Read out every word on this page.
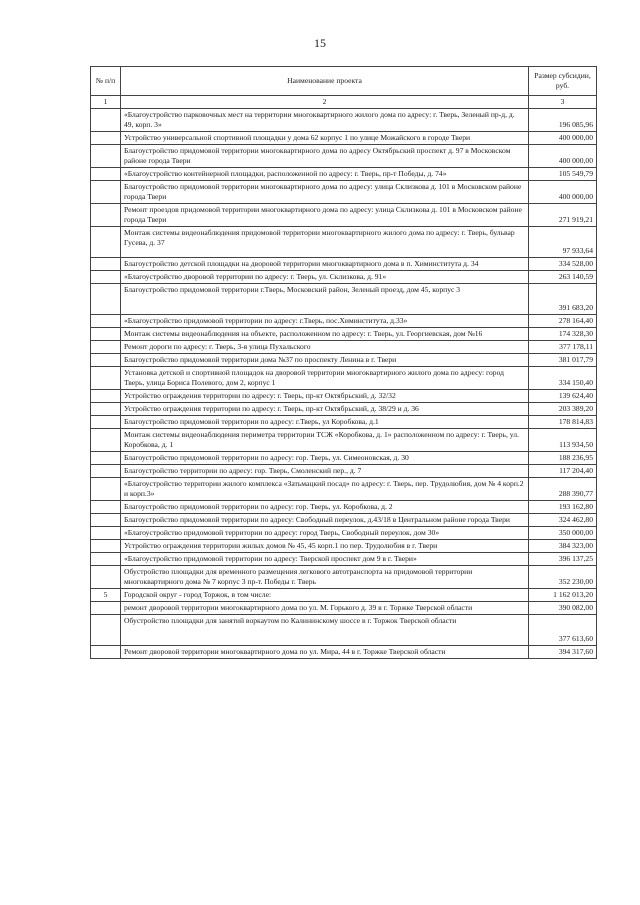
15
№ п/п	Наименование проекта	Размер субсидии, руб.
1	2	3
	«Благоустройство парковочных мест на территории многоквартирного жилого дома по адресу: г. Тверь, Зеленый пр-д, д. 49, корп. 3»	196 085,96
	Устройство универсальной спортивной площадки у дома 62 корпус 1 по улице Можайского в городе Твери	400 000,00
	Благоустройство придомовой территории многоквартирного дома по адресу Октябрьский проспект д. 97 в Московском районе города Твери	400 000,00
	«Благоустройство контейнерной площадки, расположенной по адресу: г. Тверь, пр-т Победы, д. 74»	105 549,79
	Благоустройство придомовой территории многоквартирного дома по адресу: улица Склизкова д. 101 в Московском районе города Твери	400 000,00
	Ремонт проездов придомовой территории многоквартирного дома по адресу: улица Склизкова д. 101 в Московском районе города Твери	271 919,21
	Монтаж системы видеонаблюдения придомовой территории многоквартирного жилого дома по адресу: г. Тверь, бульвар Гусева, д. 37	97 933,64
	Благоустройство детской площадки на дворовой территории многоквартирного дома в п. Химинститута д. 34	334 528,00
	«Благоустройство дворовой территории по адресу: г. Тверь, ул. Склизкова, д. 91»	263 140,59
	Благоустройство придомовой территории г.Тверь, Московский район, Зеленый проезд, дом 45, корпус 3	391 683,20
	«Благоустройство придомовой территории по адресу: г.Тверь, пос.Химинститута, д.33»	278 164,40
	Монтаж системы видеонаблюдения на объекте, расположенном по адресу: г. Тверь, ул. Георгиевская, дом №16	174 328,30
	Ремонт дороги по адресу: г. Тверь, 3-я улица Пухальского	377 178,11
	Благоустройство придомовой территории дома №37 по проспекту Ленина в г. Твери	381 017,79
	Установка детской и спортивной площадок на дворовой территории многоквартирного жилого дома по адресу: город Тверь, улица Бориса Полевого, дом 2, корпус 1	334 150,40
	Устройство ограждения территории по адресу: г. Тверь, пр-кт Октябрьский, д. 32/32	139 624,40
	Устройство ограждения территории по адресу: г. Тверь, пр-кт Октябрьский, д. 38/29 и д. 36	203 389,20
	Благоустройство придомовой территории по адресу: г.Тверь, ул Коробкова, д.1	178 814,83
	Монтаж системы видеонаблюдения периметра территории ТСЖ «Коробкова, д. 1» расположенном по адресу: г. Тверь, ул. Коробкова, д. 1	113 934,50
	Благоустройство придомовой территории по адресу: гор. Тверь, ул. Симеоновская, д. 30	188 236,95
	Благоустройство территории по адресу: гор. Тверь, Смоленский пер., д. 7	117 204,40
	«Благоустройство территории жилого комплекса «Затьмацкий посад» по адресу: г. Тверь, пер. Трудолюбия, дом № 4 корп.2 и корп.3»	288 390,77
	Благоустройство придомовой территории по адресу: гор. Тверь, ул. Коробкова, д. 2	193 162,80
	Благоустройство придомовой территории по адресу: Свободный переулок, д.43/18 в Центральном районе города Твери	324 462,80
	«Благоустройство придомовой территории по адресу: город Тверь, Свободный переулок, дом 30»	350 000,00
	Устройство ограждения территории жилых домов № 45, 45 корп.1 по пер. Трудолюбия в г. Твери	384 323,00
	«Благоустройство придомовой территории по адресу: Тверской проспект дом 9 в г. Твери»	396 137,25
	Обустройство площадки для временного размещения легкового автотранспорта на придомовой территории многоквартирного дома № 7 корпус 3 пр-т. Победы г. Тверь	352 230,00
5	Городской округ - город Торжок, в том числе:	1 162 013,20
	ремонт дворовой территории многоквартирного дома по ул. М. Горького д. 39 в г. Торжке Тверской области	390 082,00
	Обустройство площадки для занятий воркаутом по Калининскому шоссе в г. Торжок Тверской области	377 613,60
	Ремонт дворовой территории многоквартирного дома по ул. Мира, 44 в г. Торжке Тверской области	394 317,60
